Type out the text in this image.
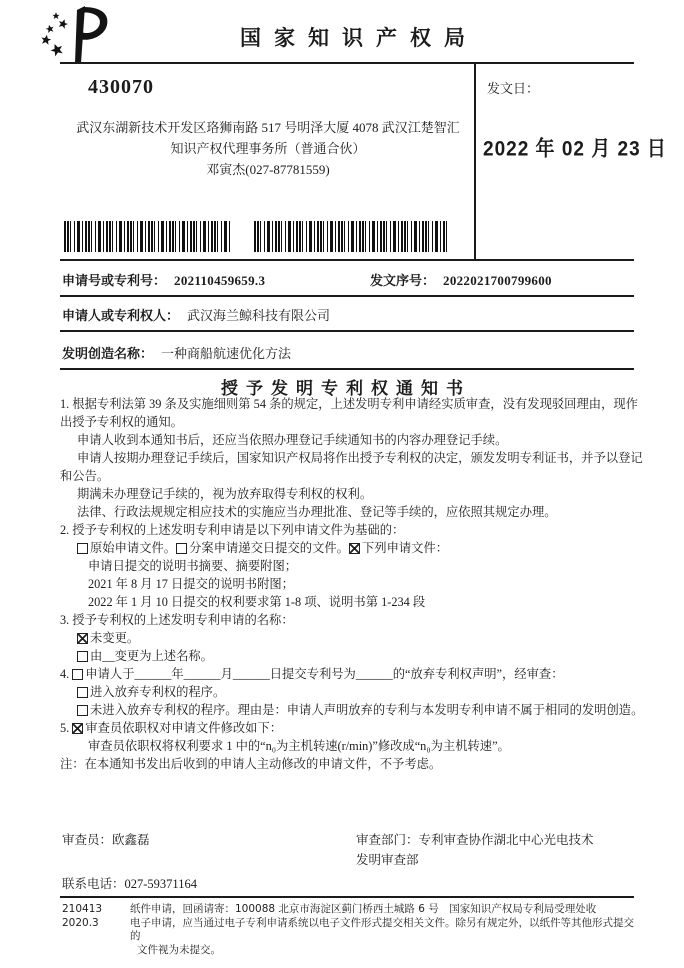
国家知识产权局
430070
武汉东湖新技术开发区珞狮南路 517 号明泽大厦 4078 武汉江楚智汇
知识产权代理事务所（普通合伙）
邓寅杰(027-87781559)
发文日：
2022 年 02 月 23 日
申请号或专利号： 202110459659.3	发文序号： 2022021700799600
申请人或专利权人： 武汉海兰鲸科技有限公司
发明创造名称： 一种商船航速优化方法
授予发明专利权通知书
1. 根据专利法第 39 条及实施细则第 54 条的规定，上述发明专利申请经实质审查，没有发现驳回理由，现作
出授予专利权的通知。
申请人收到本通知书后，还应当依照办理登记手续通知书的内容办理登记手续。
申请人按期办理登记手续后，国家知识产权局将作出授予专利权的决定，颁发发明专利证书，并予以登记
和公告。
期满未办理登记手续的，视为放弃取得专利权的权利。
法律、行政法规规定相应技术的实施应当办理批准、登记等手续的，应依照其规定办理。
2. 授予专利权的上述发明专利申请是以下列申请文件为基础的：
原始申请文件。 分案申请递交日提交的文件。 下列申请文件：
申请日提交的说明书摘要、摘要附图；
2021 年 8 月 17 日提交的说明书附图；
2022 年 1 月 10 日提交的权利要求第 1-8 项、说明书第 1-234 段
3. 授予专利权的上述发明专利申请的名称：
未变更。
由__变更为上述名称。
4. 申请人于______年______月______日提交专利号为______的“放弃专利权声明”，经审查：
进入放弃专利权的程序。
未进入放弃专利权的程序。理由是：申请人声明放弃的专利与本发明专利申请不属于相同的发明创造。
5. 审查员依职权对申请文件修改如下：
审查员依职权将权利要求 1 中的“n₀为主机转速(r/min)”修改成“n₀为主机转速”。
注：在本通知书发出后收到的申请人主动修改的申请文件，不予考虑。
审查员：欧鑫磊	审查部门：专利审查协作湖北中心光电技术
发明审查部
联系电话：027-59371164
210413
2020.3
纸件申请，回函请寄：100088 北京市海淀区蓟门桥西土城路 6 号　国家知识产权局专利局受理处收
电子申请，应当通过电子专利申请系统以电子文件形式提交相关文件。除另有规定外，以纸件等其他形式提交的
文件视为未提交。
